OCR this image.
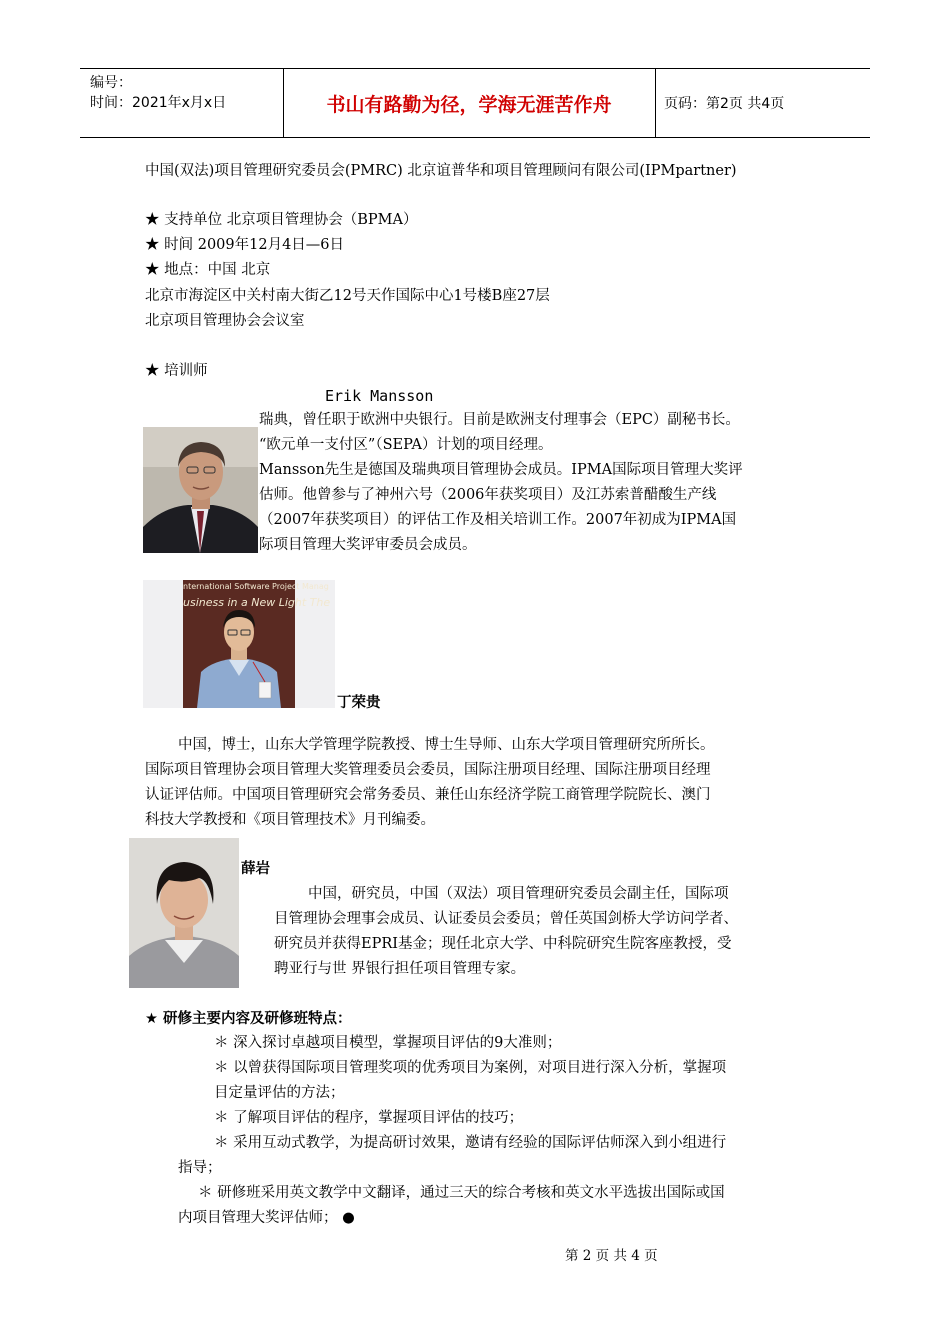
编号：
时间：2021年x月x日	书山有路勤为径，学海无涯苦作舟	页码：第2页 共4页
中国(双法)项目管理研究委员会(PMRC) 北京谊普华和项目管理顾问有限公司(IPMpartner)
★ 支持单位 北京项目管理协会（BPMA）
★ 时间 2009年12月4日—6日
★ 地点：中国 北京
北京市海淀区中关村南大街乙12号天作国际中心1号楼B座27层
北京项目管理协会会议室
★ 培训师
Erik Mansson
瑞典，曾任职于欧洲中央银行。目前是欧洲支付理事会（EPC）副秘书长。
“欧元单一支付区”（SEPA）计划的项目经理。
Mansson先生是德国及瑞典项目管理协会成员。IPMA国际项目管理大奖评
估师。他曾参与了神州六号（2006年获奖项目）及江苏索普醋酸生产线
（2007年获奖项目）的评估工作及相关培训工作。2007年初成为IPMA国
际项目管理大奖评审委员会成员。
nternational Software Project Manag
usiness in a New Light The
丁荣贵
中国，博士，山东大学管理学院教授、博士生导师、山东大学项目管理研究所所长。
国际项目管理协会项目管理大奖管理委员会委员，国际注册项目经理、国际注册项目经理
认证评估师。中国项目管理研究会常务委员、兼任山东经济学院工商管理学院院长、澳门
科技大学教授和《项目管理技术》月刊编委。
薛岩
中国，研究员，中国（双法）项目管理研究委员会副主任，国际项
目管理协会理事会成员、认证委员会委员；曾任英国剑桥大学访问学者、
研究员并获得EPRI基金；现任北京大学、中科院研究生院客座教授，受
聘亚行与世 界银行担任项目管理专家。
★ 研修主要内容及研修班特点：
＊ 深入探讨卓越项目模型，掌握项目评估的9大准则；
＊ 以曾获得国际项目管理奖项的优秀项目为案例，对项目进行深入分析，掌握项
目定量评估的方法；
＊ 了解项目评估的程序，掌握项目评估的技巧；
＊ 采用互动式教学，为提高研讨效果，邀请有经验的国际评估师深入到小组进行
指导；
＊ 研修班采用英文教学中文翻译，通过三天的综合考核和英文水平选拔出国际或国
内项目管理大奖评估师； ●
第 2 页 共 4 页
